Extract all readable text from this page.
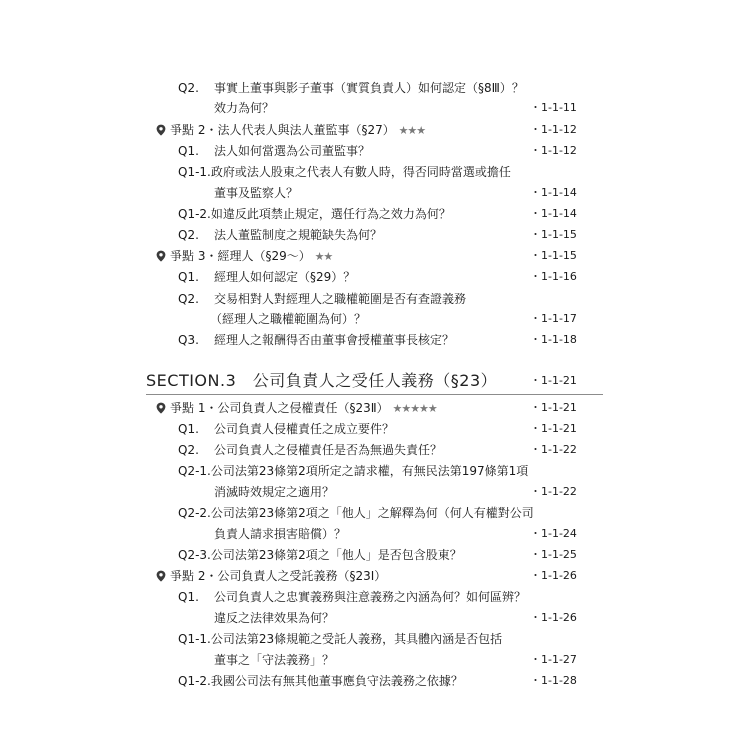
Q2. 事實上董事與影子董事（實質負責人）如何認定（§8Ⅲ）？
效力為何？	・1-1-11
爭點 2・法人代表人與法人董監事（§27） ★★★	・1-1-12
Q1. 法人如何當選為公司董監事？	・1-1-12
Q1-1.政府或法人股東之代表人有數人時，得否同時當選或擔任
董事及監察人？	・1-1-14
Q1-2.如違反此項禁止規定，選任行為之效力為何？	・1-1-14
Q2. 法人董監制度之規範缺失為何？	・1-1-15
爭點 3・經理人（§29～） ★★	・1-1-15
Q1. 經理人如何認定（§29）？	・1-1-16
Q2. 交易相對人對經理人之職權範圍是否有查證義務
（經理人之職權範圍為何）？	・1-1-17
Q3. 經理人之報酬得否由董事會授權董事長核定？	・1-1-18
SECTION.3　公司負責人之受任人義務（§23）	・1-1-21
爭點 1・公司負責人之侵權責任（§23Ⅱ） ★★★★★	・1-1-21
Q1. 公司負責人侵權責任之成立要件？	・1-1-21
Q2. 公司負責人之侵權責任是否為無過失責任？	・1-1-22
Q2-1.公司法第23條第2項所定之請求權，有無民法第197條第1項
消滅時效規定之適用？	・1-1-22
Q2-2.公司法第23條第2項之「他人」之解釋為何（何人有權對公司
負責人請求損害賠償）？	・1-1-24
Q2-3.公司法第23條第2項之「他人」是否包含股東？	・1-1-25
爭點 2・公司負責人之受託義務（§23Ⅰ）	・1-1-26
Q1. 公司負責人之忠實義務與注意義務之內涵為何？如何區辨？
違反之法律效果為何？	・1-1-26
Q1-1.公司法第23條規範之受託人義務，其具體內涵是否包括
董事之「守法義務」？	・1-1-27
Q1-2.我國公司法有無其他董事應負守法義務之依據？	・1-1-28
